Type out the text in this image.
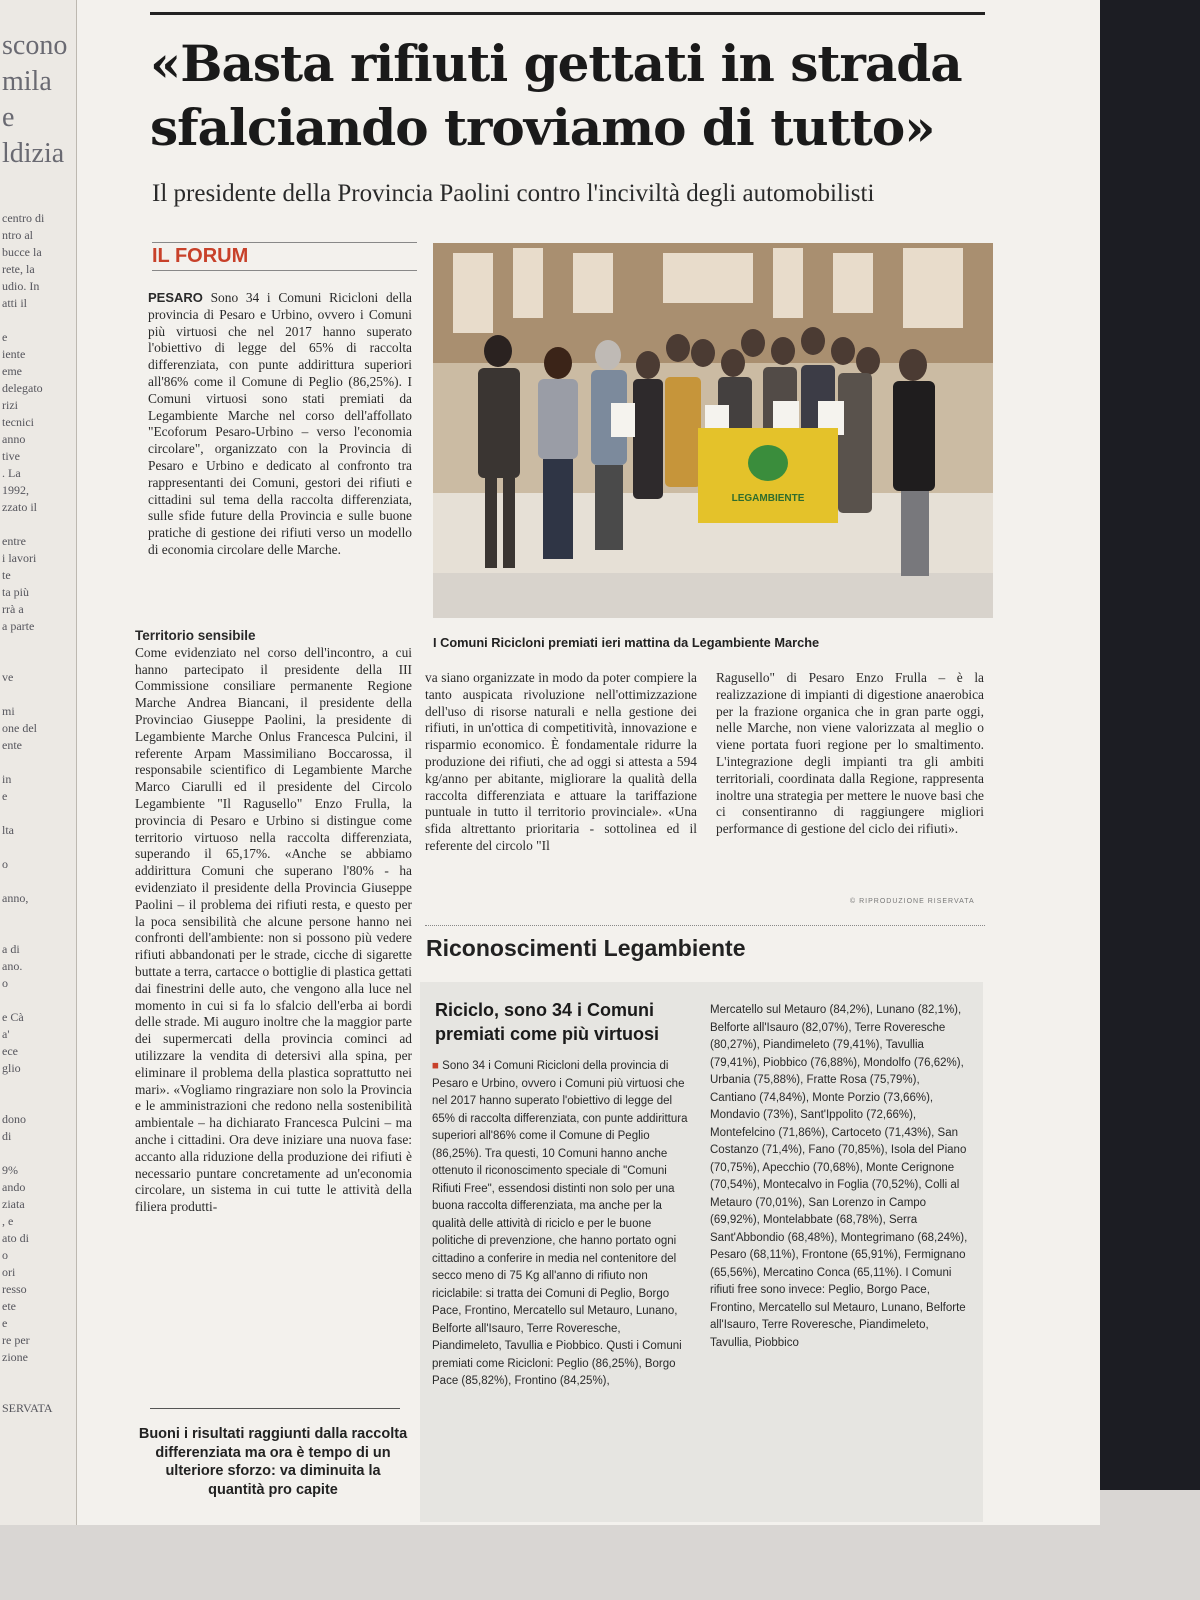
scono
mila
e
ldizia
centro di
ntro al
bucce la
rete, la
udio. In
atti il

e
iente
eme
delegato
rizi
tecnici
anno
tive
. La
1992,
zzato il

entre
i lavori
te
ta più
rrà a
a parte

ve

mi
one del
ente

in
e

lta

o

anno,

a di
ano.
o

e Cà
a'
ece
glio

dono
di

9%
ando
ziata
, e
ato di
o
ori
resso
ete
e
re per
zione

SERVATA
«Basta rifiuti gettati in strada sfalciando troviamo di tutto»

Il presidente della Provincia Paolini contro l'inciviltà degli automobilisti

IL FORUM

PESARO Sono 34 i Comuni Ricicloni della provincia di Pesaro e Urbino, ovvero i Comuni più virtuosi che nel 2017 hanno superato l'obiettivo di legge del 65% di raccolta differenziata, con punte addirittura superiori all'86% come il Comune di Peglio (86,25%). I Comuni virtuosi sono stati premiati da Legambiente Marche nel corso dell'affollato "Ecoforum Pesaro-Urbino – verso l'economia circolare", organizzato con la Provincia di Pesaro e Urbino e dedicato al confronto tra rappresentanti dei Comuni, gestori dei rifiuti e cittadini sul tema della raccolta differenziata, sulle sfide future della Provincia e sulle buone pratiche di gestione dei rifiuti verso un modello di economia circolare delle Marche.

Territorio sensibile

Come evidenziato nel corso dell'incontro, a cui hanno partecipato il presidente della III Commissione consiliare permanente Regione Marche Andrea Biancani, il presidente della Provinciao Giuseppe Paolini, la presidente di Legambiente Marche Onlus Francesca Pulcini, il referente Arpam Massimiliano Boccarossa, il responsabile scientifico di Legambiente Marche Marco Ciarulli ed il presidente del Circolo Legambiente "Il Ragusello" Enzo Frulla, la provincia di Pesaro e Urbino si distingue come territorio virtuoso nella raccolta differenziata, superando il 65,17%. «Anche se abbiamo addirittura Comuni che superano l'80% - ha evidenziato il presidente della Provincia Giuseppe Paolini – il problema dei rifiuti resta, e questo per la poca sensibilità che alcune persone hanno nei confronti dell'ambiente: non si possono più vedere rifiuti abbandonati per le strade, cicche di sigarette buttate a terra, cartacce o bottiglie di plastica gettati dai finestrini delle auto, che vengono alla luce nel momento in cui si fa lo sfalcio dell'erba ai bordi delle strade. Mi auguro inoltre che la maggior parte dei supermercati della provincia cominci ad utilizzare la vendita di detersivi alla spina, per eliminare il problema della plastica soprattutto nei mari». «Vogliamo ringraziare non solo la Provincia e le amministrazioni che redono nella sostenibilità ambientale – ha dichiarato Francesca Pulcini – ma anche i cittadini. Ora deve iniziare una nuova fase: accanto alla riduzione della produzione dei rifiuti è necessario puntare concretamente ad un'economia circolare, un sistema in cui tutte le attività della filiera produtti-

LEGAMBIENTE
I Comuni Ricicloni premiati ieri mattina da Legambiente Marche

va siano organizzate in modo da poter compiere la tanto auspicata rivoluzione nell'ottimizzazione dell'uso di risorse naturali e nella gestione dei rifiuti, in un'ottica di competitività, innovazione e risparmio economico. È fondamentale ridurre la produzione dei rifiuti, che ad oggi si attesta a 594 kg/anno per abitante, migliorare la qualità della raccolta differenziata e attuare la tariffazione puntuale in tutto il territorio provinciale». «Una sfida altrettanto prioritaria - sottolinea ed il referente del circolo "Il

Ragusello" di Pesaro Enzo Frulla – è la realizzazione di impianti di digestione anaerobica per la frazione organica che in gran parte oggi, nelle Marche, non viene valorizzata al meglio o viene portata fuori regione per lo smaltimento. L'integrazione degli impianti tra gli ambiti territoriali, coordinata dalla Regione, rappresenta inoltre una strategia per mettere le nuove basi che ci consentiranno di raggiungere migliori performance di gestione del ciclo dei rifiuti».

© RIPRODUZIONE RISERVATA
Riconoscimenti Legambiente
Riciclo, sono 34 i Comuni premiati come più virtuosi

■ Sono 34 i Comuni Ricicloni della provincia di Pesaro e Urbino, ovvero i Comuni più virtuosi che nel 2017 hanno superato l'obiettivo di legge del 65% di raccolta differenziata, con punte addirittura superiori all'86% come il Comune di Peglio (86,25%). Tra questi, 10 Comuni hanno anche ottenuto il riconoscimento speciale di "Comuni Rifiuti Free", essendosi distinti non solo per una buona raccolta differenziata, ma anche per la qualità delle attività di riciclo e per le buone politiche di prevenzione, che hanno portato ogni cittadino a conferire in media nel contenitore del secco meno di 75 Kg all'anno di rifiuto non riciclabile: si tratta dei Comuni di Peglio, Borgo Pace, Frontino, Mercatello sul Metauro, Lunano, Belforte all'Isauro, Terre Roveresche, Piandimeleto, Tavullia e Piobbico. Qusti i Comuni premiati come Ricicloni: Peglio (86,25%), Borgo Pace (85,82%), Frontino (84,25%),

Mercatello sul Metauro (84,2%), Lunano (82,1%), Belforte all'Isauro (82,07%), Terre Roveresche (80,27%), Piandimeleto (79,41%), Tavullia (79,41%), Piobbico (76,88%), Mondolfo (76,62%), Urbania (75,88%), Fratte Rosa (75,79%), Cantiano (74,84%), Monte Porzio (73,66%), Mondavio (73%), Sant'Ippolito (72,66%), Montefelcino (71,86%), Cartoceto (71,43%), San Costanzo (71,4%), Fano (70,85%), Isola del Piano (70,75%), Apecchio (70,68%), Monte Cerignone (70,54%), Montecalvo in Foglia (70,52%), Colli al Metauro (70,01%), San Lorenzo in Campo (69,92%), Montelabbate (68,78%), Serra Sant'Abbondio (68,48%), Montegrimano (68,24%), Pesaro (68,11%), Frontone (65,91%), Fermignano (65,56%), Mercatino Conca (65,11%). I Comuni rifiuti free sono invece: Peglio, Borgo Pace, Frontino, Mercatello sul Metauro, Lunano, Belforte all'Isauro, Terre Roveresche, Piandimeleto, Tavullia, Piobbico

Buoni i risultati raggiunti dalla raccolta differenziata ma ora è tempo di un ulteriore sforzo: va diminuita la quantità pro capite
